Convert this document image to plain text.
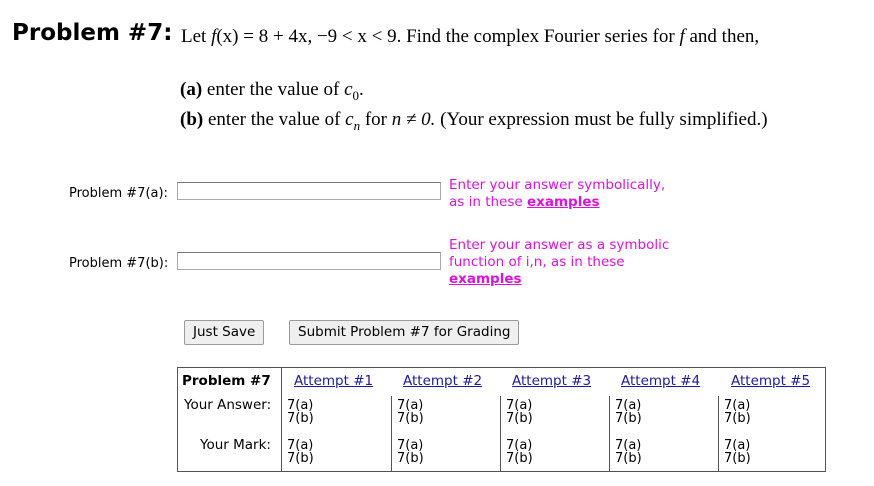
Problem #7: Let f(x) = 8 + 4x, −9 < x < 9. Find the complex Fourier series for f and then,
(a) enter the value of $c_0$.
(b) enter the value of $c_n$ for n ≠ 0. (Your expression must be fully simplified.)
Problem #7(a):
Enter your answer symbolically,
as in these examples
Problem #7(b):
Enter your answer as a symbolic
function of i,n, as in these
examples
Just Save	Submit Problem #7 for Grading
Problem #7 Attempt #1 Attempt #2 Attempt #3 Attempt #4 Attempt #5
Your Answer:
Your Mark:
7(a)
7(b)
7(a)
7(b)
7(a)
7(b)
7(a)
7(b)
7(a)
7(b)
7(a)
7(b)
7(a)
7(b)
7(a)
7(b)
7(a)
7(b)
7(a)
7(b)
